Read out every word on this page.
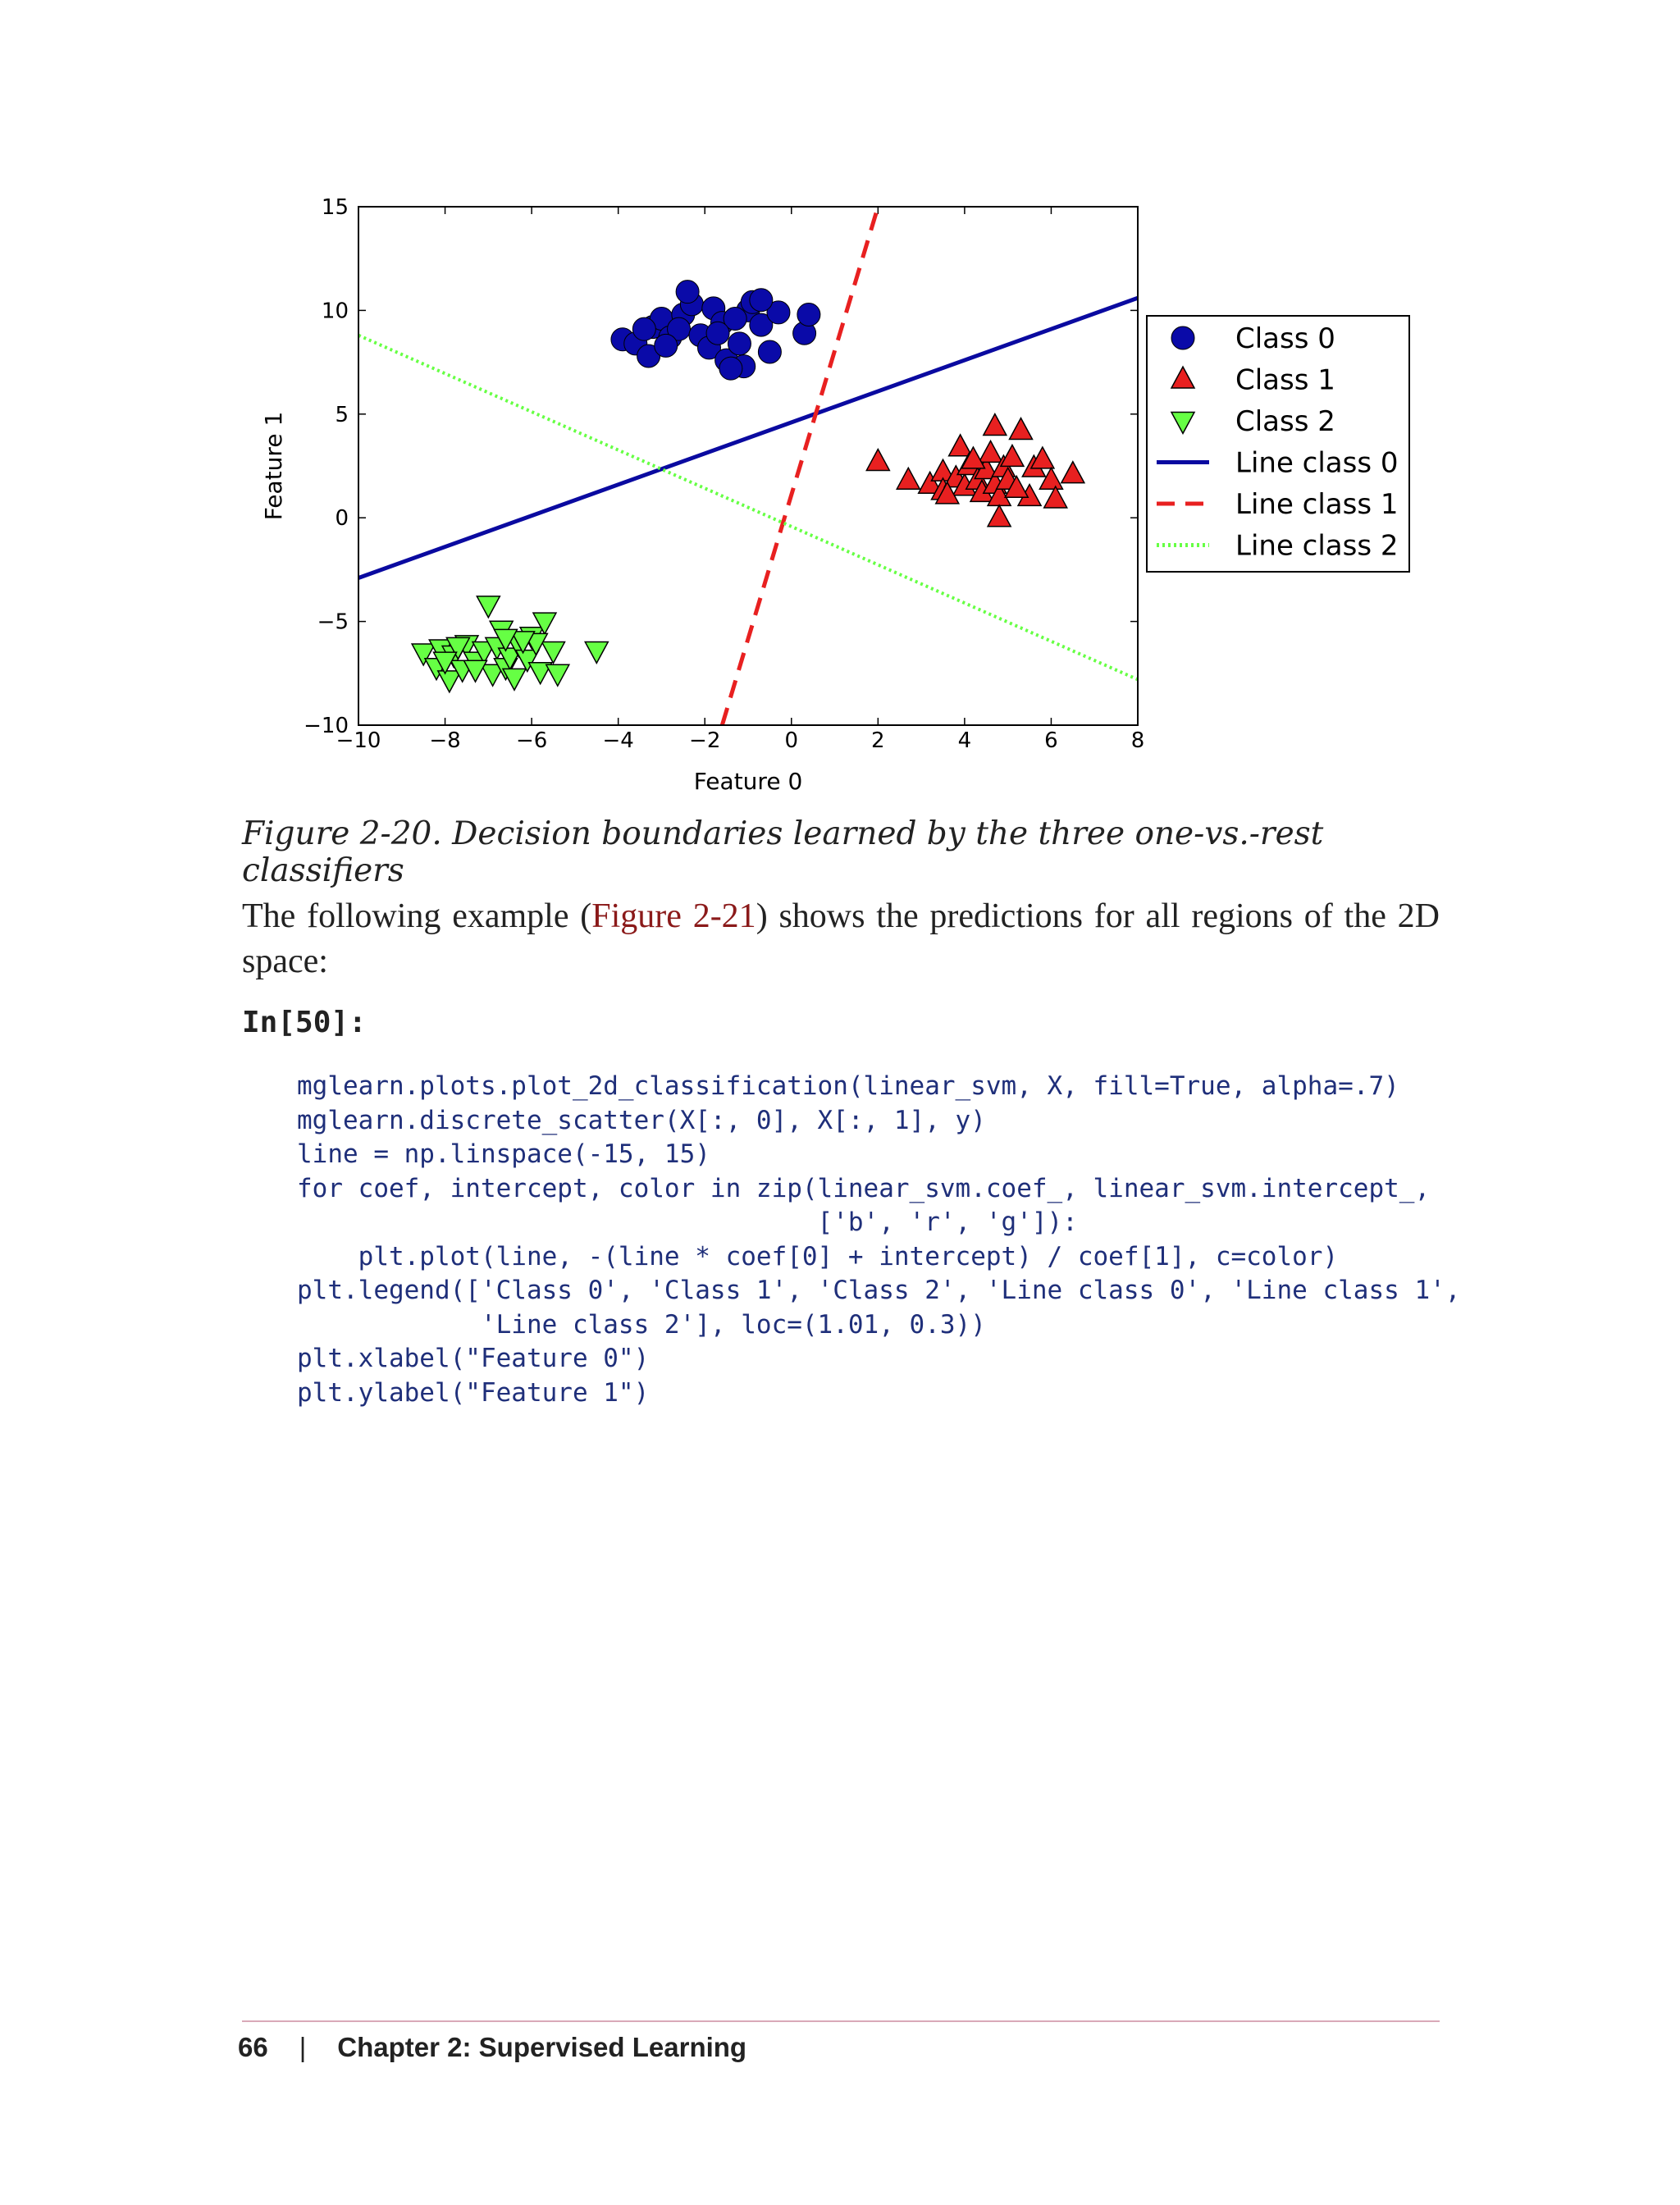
−10 −8	−6	−4	−2	0	2	4	6	8
−10
−5
0
5
10
15
Feature 0
Feature 1
Class 0
Class 1
Class 2
Line class 0
Line class 1
Line class 2

Figure 2-20. Decision boundaries learned by the three one-vs.-rest classifiers

The following example (Figure 2-21) shows the predictions for all regions of the 2D space:

In[50]:
mglearn.plots.plot_2d_classification(linear_svm, X, fill=True, alpha=.7)
mglearn.discrete_scatter(X[:, 0], X[:, 1], y)
line = np.linspace(-15, 15)
for coef, intercept, color in zip(linear_svm.coef_, linear_svm.intercept_,
['b', 'r', 'g']):
plt.plot(line, -(line * coef[0] + intercept) / coef[1], c=color)
plt.legend(['Class 0', 'Class 1', 'Class 2', 'Line class 0', 'Line class 1',
'Line class 2'], loc=(1.01, 0.3))
plt.xlabel("Feature 0")
plt.ylabel("Feature 1")
66 | Chapter 2: Supervised Learning
